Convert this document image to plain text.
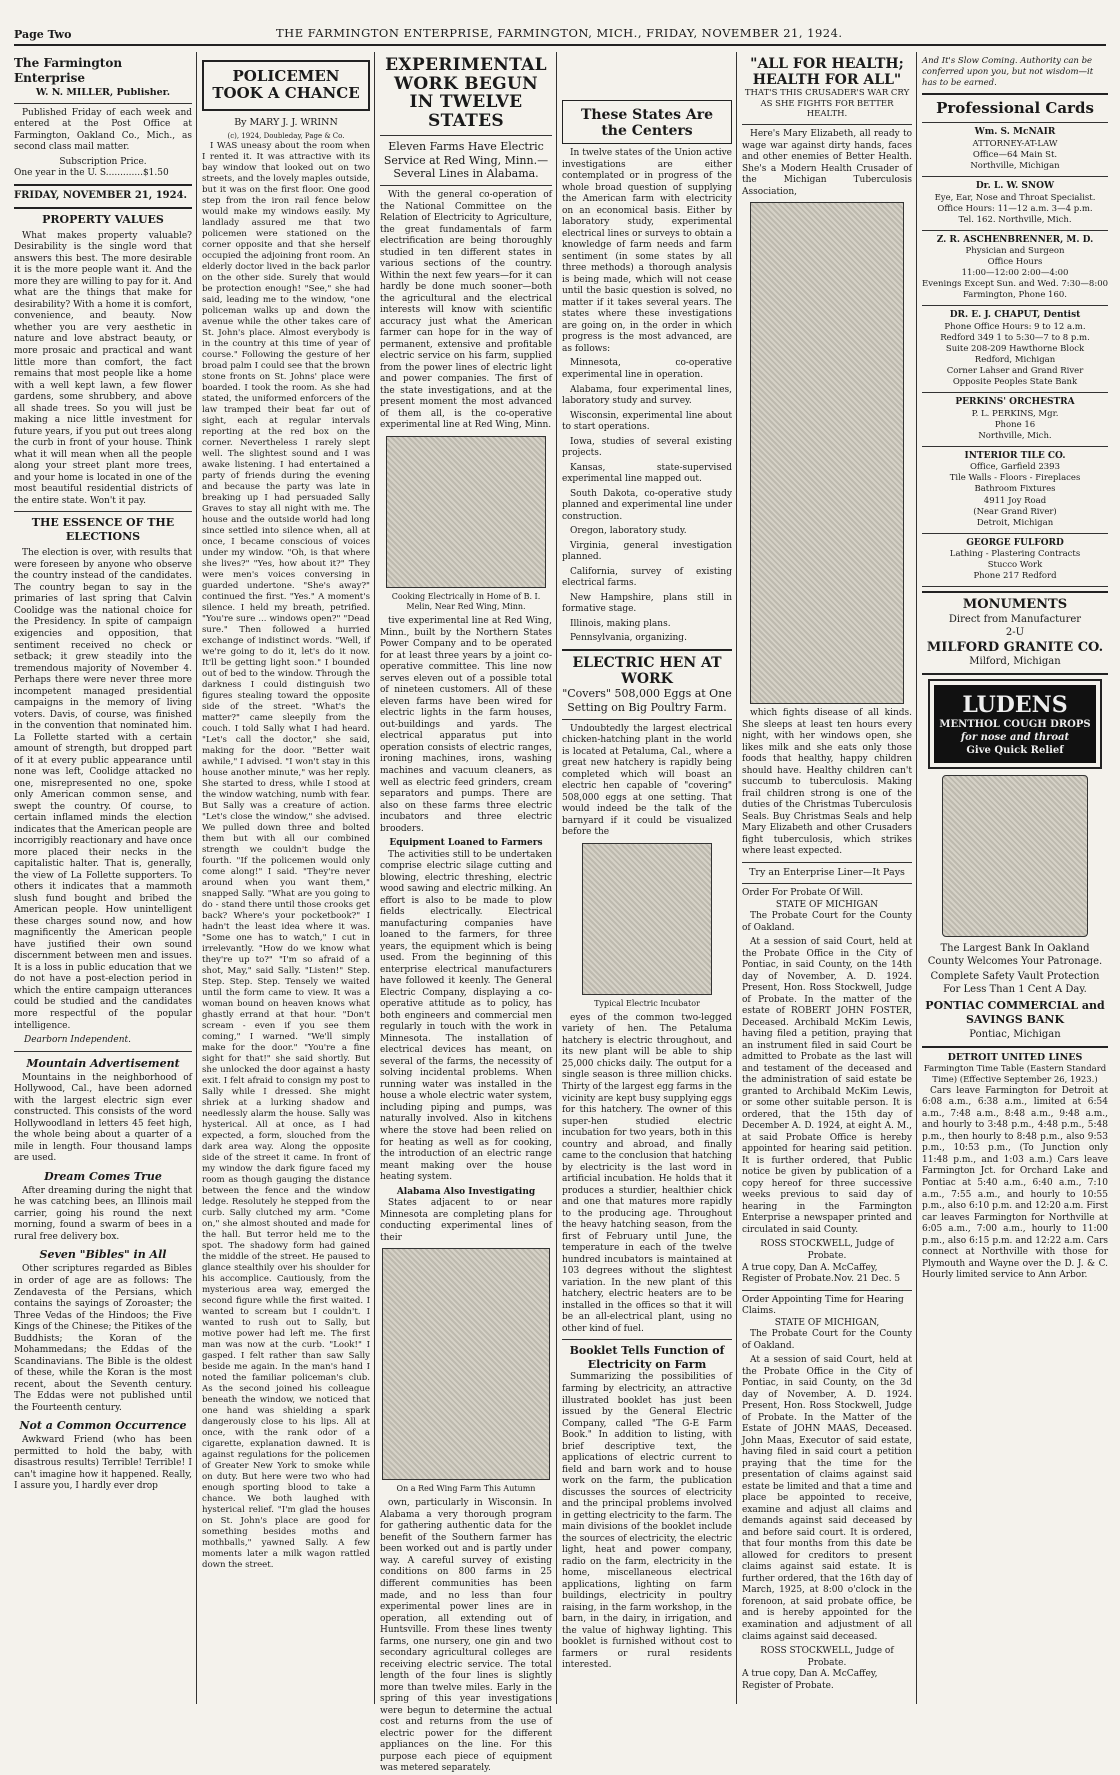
Page Two	THE FARMINGTON ENTERPRISE, FARMINGTON, MICH., FRIDAY, NOVEMBER 21, 1924.
The Farmington Enterprise
W. N. MILLER, Publisher.

Published Friday of each week and entered at the Post Office at Farmington, Oakland Co., Mich., as second class mail matter.

Subscription Price.
One year in the U. S.............$1.50
FRIDAY, NOVEMBER 21, 1924.
PROPERTY VALUES

What makes property valuable? Desirability is the single word that answers this best. The more desirable it is the more people want it. And the more they are willing to pay for it. And what are the things that make for desirability? With a home it is comfort, convenience, and beauty. Now whether you are very aesthetic in nature and love abstract beauty, or more prosaic and practical and want little more than comfort, the fact remains that most people like a home with a well kept lawn, a few flower gardens, some shrubbery, and above all shade trees. So you will just be making a nice little investment for future years, if you put out trees along the curb in front of your house. Think what it will mean when all the people along your street plant more trees, and your home is located in one of the most beautiful residential districts of the entire state. Won't it pay.

THE ESSENCE OF THE ELECTIONS

The election is over, with results that were foreseen by anyone who observe the country instead of the candidates. The country began to say in the primaries of last spring that Calvin Coolidge was the national choice for the Presidency. In spite of campaign exigencies and opposition, that sentiment received no check or setback; it grew steadily into the tremendous majority of November 4. Perhaps there were never three more incompetent managed presidential campaigns in the memory of living voters. Davis, of course, was finished in the convention that nominated him. La Follette started with a certain amount of strength, but dropped part of it at every public appearance until none was left, Coolidge attacked no one, misrepresented no one, spoke only American common sense, and swept the country. Of course, to certain inflamed minds the election indicates that the American people are incorrigibly reactionary and have once more placed their necks in the capitalistic halter. That is, generally, the view of La Follette supporters. To others it indicates that a mammoth slush fund bought and bribed the American people. How unintelligent these charges sound now, and how magnificently the American people have justified their own sound discernment between men and issues. It is a loss in public education that we do not have a post-election period in which the entire campaign utterances could be studied and the candidates more respectful of the popular intelligence.

Dearborn Independent.
Mountain Advertisement

Mountains in the neighborhood of Hollywood, Cal., have been adorned with the largest electric sign ever constructed. This consists of the word Hollywoodland in letters 45 feet high, the whole being about a quarter of a mile in length. Four thousand lamps are used.

Dream Comes True

After dreaming during the night that he was catching bees, an Illinois mail carrier, going his round the next morning, found a swarm of bees in a rural free delivery box.

Seven "Bibles" in All

Other scriptures regarded as Bibles in order of age are as follows: The Zendavesta of the Persians, which contains the sayings of Zoroaster; the Three Vedas of the Hindoos; the Five Kings of the Chinese; the Pitikes of the Buddhists; the Koran of the Mohammedans; the Eddas of the Scandinavians. The Bible is the oldest of these, while the Koran is the most recent, about the Seventh century. The Eddas were not published until the Fourteenth century.

Not a Common Occurrence

Awkward Friend (who has been permitted to hold the baby, with disastrous results) Terrible! Terrible! I can't imagine how it happened. Really, I assure you, I hardly ever drop

POLICEMEN
TOOK A CHANCE
By MARY J. J. WRINN
(c), 1924, Doubleday, Page & Co.

I WAS uneasy about the room when I rented it. It was attractive with its bay window that looked out on two streets, and the lovely maples outside, but it was on the first floor. One good step from the iron rail fence below would make my windows easily. My landlady assured me that two policemen were stationed on the corner opposite and that she herself occupied the adjoining front room. An elderly doctor lived in the back parlor on the other side. Surely that would be protection enough! "See," she had said, leading me to the window, "one policeman walks up and down the avenue while the other takes care of St. John's place. Almost everybody is in the country at this time of year of course." Following the gesture of her broad palm I could see that the brown stone fronts on St. Johns' place were boarded. I took the room. As she had stated, the uniformed enforcers of the law tramped their beat far out of sight, each at regular intervals reporting at the red box on the corner. Nevertheless I rarely slept well. The slightest sound and I was awake listening. I had entertained a party of friends during the evening and because the party was late in breaking up I had persuaded Sally Graves to stay all night with me. The house and the outside world had long since settled into silence when, all at once, I became conscious of voices under my window. "Oh, is that where she lives?" "Yes, how about it?" They were men's voices conversing in guarded undertone. "She's away?" continued the first. "Yes." A moment's silence. I held my breath, petrified. "You're sure ... windows open?" "Dead sure." Then followed a hurried exchange of indistinct words. "Well, if we're going to do it, let's do it now. It'll be getting light soon." I bounded out of bed to the window. Through the darkness I could distinguish two figures stealing toward the opposite side of the street. "What's the matter?" came sleepily from the couch. I told Sally what I had heard. "Let's call the doctor," she said, making for the door. "Better wait awhile," I advised. "I won't stay in this house another minute," was her reply. She started to dress, while I stood at the window watching, numb with fear. But Sally was a creature of action. "Let's close the window," she advised. We pulled down three and bolted them but with all our combined strength we couldn't budge the fourth. "If the policemen would only come along!" I said. "They're never around when you want them," snapped Sally. "What are you going to do - stand there until those crooks get back? Where's your pocketbook?" I hadn't the least idea where it was. "Some one has to watch," I cut in irrelevantly. "How do we know what they're up to?" "I'm so afraid of a shot, May," said Sally. "Listen!" Step. Step. Step. Step. Tensely we waited until the form came to view. It was a woman bound on heaven knows what ghastly errand at that hour. "Don't scream - even if you see them coming," I warned. "We'll simply make for the door." "You're a fine sight for that!" she said shortly. But she unlocked the door against a hasty exit. I felt afraid to consign my post to Sally while I dressed. She might shriek at a lurking shadow and needlessly alarm the house. Sally was hysterical. All at once, as I had expected, a form, slouched from the dark area way. Along the opposite side of the street it came. In front of my window the dark figure faced my room as though gauging the distance between the fence and the window ledge. Resolutely he stepped from the curb. Sally clutched my arm. "Come on," she almost shouted and made for the hall. But terror held me to the spot. The shadowy form had gained the middle of the street. He paused to glance stealthily over his shoulder for his accomplice. Cautiously, from the mysterious area way, emerged the second figure while the first waited. I wanted to scream but I couldn't. I wanted to rush out to Sally, but motive power had left me. The first man was now at the curb. "Look!" I gasped. I felt rather than saw Sally beside me again. In the man's hand I noted the familiar policeman's club. As the second joined his colleague beneath the window, we noticed that one hand was shielding a spark dangerously close to his lips. All at once, with the rank odor of a cigarette, explanation dawned. It is against regulations for the policemen of Greater New York to smoke while on duty. But here were two who had enough sporting blood to take a chance. We both laughed with hysterical relief. "I'm glad the houses on St. John's place are good for something besides moths and mothballs," yawned Sally. A few moments later a milk wagon rattled down the street.

EXPERIMENTAL WORK BEGUN IN TWELVE STATES
Eleven Farms Have Electric Service at Red Wing, Minn.—Several Lines in Alabama.

With the general co-operation of the National Committee on the Relation of Electricity to Agriculture, the great fundamentals of farm electrification are being thoroughly studied in ten different states in various sections of the country. Within the next few years—for it can hardly be done much sooner—both the agricultural and the electrical interests will know with scientific accuracy just what the American farmer can hope for in the way of permanent, extensive and profitable electric service on his farm, supplied from the power lines of electric light and power companies. The first of the state investigations, and at the present moment the most advanced of them all, is the co-operative experimental line at Red Wing, Minn.

Cooking Electrically in Home of B. I. Melin, Near Red Wing, Minn.

tive experimental line at Red Wing, Minn., built by the Northern States Power Company and to be operated for at least three years by a joint co-operative committee. This line now serves eleven out of a possible total of nineteen customers. All of these eleven farms have been wired for electric lights in the farm houses, out-buildings and yards. The electrical apparatus put into operation consists of electric ranges, ironing machines, irons, washing machines and vacuum cleaners, as well as electric feed grinders, cream separators and pumps. There are also on these farms three electric incubators and three electric brooders.

Equipment Loaned to Farmers

The activities still to be undertaken comprise electric silage cutting and blowing, electric threshing, electric wood sawing and electric milking. An effort is also to be made to plow fields electrically. Electrical manufacturing companies have loaned to the farmers, for three years, the equipment which is being used. From the beginning of this enterprise electrical manufacturers have followed it keenly. The General Electric Company, displaying a co-operative attitude as to policy, has both engineers and commercial men regularly in touch with the work in Minnesota. The installation of electrical devices has meant, on several of the farms, the necessity of solving incidental problems. When running water was installed in the house a whole electric water system, including piping and pumps, was naturally involved. Also in kitchens where the stove had been relied on for heating as well as for cooking, the introduction of an electric range meant making over the house heating system.

Alabama Also Investigating

States adjacent to or near Minnesota are completing plans for conducting experimental lines of their

On a Red Wing Farm This Autumn

own, particularly in Wisconsin. In Alabama a very thorough program for gathering authentic data for the benefit of the Southern farmer has been worked out and is partly under way. A careful survey of existing conditions on 800 farms in 25 different communities has been made, and no less than four experimental power lines are in operation, all extending out of Huntsville. From these lines twenty farms, one nursery, one gin and two secondary agricultural colleges are receiving electric service. The total length of the four lines is slightly more than twelve miles. Early in the spring of this year investigations were begun to determine the actual cost and returns from the use of electric power for the different appliances on the line. For this purpose each piece of equipment was metered separately.

These States Are the Centers

In twelve states of the Union active investigations are either contemplated or in progress of the whole broad question of supplying the American farm with electricity on an economical basis. Either by laboratory study, experimental electrical lines or surveys to obtain a knowledge of farm needs and farm sentiment (in some states by all three methods) a thorough analysis is being made, which will not cease until the basic question is solved, no matter if it takes several years. The states where these investigations are going on, in the order in which progress is the most advanced, are as follows:

Minnesota, co-operative experimental line in operation.

Alabama, four experimental lines, laboratory study and survey.

Wisconsin, experimental line about to start operations.

Iowa, studies of several existing projects.

Kansas, state-supervised experimental line mapped out.

South Dakota, co-operative study planned and experimental line under construction.

Oregon, laboratory study.

Virginia, general investigation planned.

California, survey of existing electrical farms.

New Hampshire, plans still in formative stage.

Illinois, making plans.

Pennsylvania, organizing.

ELECTRIC HEN AT WORK
"Covers" 508,000 Eggs at One Setting on Big Poultry Farm.

Undoubtedly the largest electrical chicken-hatching plant in the world is located at Petaluma, Cal., where a great new hatchery is rapidly being completed which will boast an electric hen capable of "covering" 508,000 eggs at one setting. That would indeed be the talk of the barnyard if it could be visualized before the

Typical Electric Incubator

eyes of the common two-legged variety of hen. The Petaluma hatchery is electric throughout, and its new plant will be able to ship 25,000 chicks daily. The output for a single season is three million chicks. Thirty of the largest egg farms in the vicinity are kept busy supplying eggs for this hatchery. The owner of this super-hen studied electric incubation for two years, both in this country and abroad, and finally came to the conclusion that hatching by electricity is the last word in artificial incubation. He holds that it produces a sturdier, healthier chick and one that matures more rapidly to the producing age. Throughout the heavy hatching season, from the first of February until June, the temperature in each of the twelve hundred incubators is maintained at 103 degrees without the slightest variation. In the new plant of this hatchery, electric heaters are to be installed in the offices so that it will be an all-electrical plant, using no other kind of fuel.

Booklet Tells Function of Electricity on Farm

Summarizing the possibilities of farming by electricity, an attractive illustrated booklet has just been issued by the General Electric Company, called "The G-E Farm Book." In addition to listing, with brief descriptive text, the applications of electric current to field and barn work and to house work on the farm, the publication discusses the sources of electricity and the principal problems involved in getting electricity to the farm. The main divisions of the booklet include the sources of electricity, the electric light, heat and power company, radio on the farm, electricity in the home, miscellaneous electrical applications, lighting on farm buildings, electricity in poultry raising, in the farm workshop, in the barn, in the dairy, in irrigation, and the value of highway lighting. This booklet is furnished without cost to farmers or rural residents interested.

"ALL FOR HEALTH; HEALTH FOR ALL"
THAT'S THIS CRUSADER'S WAR CRY AS SHE FIGHTS FOR BETTER HEALTH.

Here's Mary Elizabeth, all ready to wage war against dirty hands, faces and other enemies of Better Health. She's a Modern Health Crusader of the Michigan Tuberculosis Association,

which fights disease of all kinds. She sleeps at least ten hours every night, with her windows open, she likes milk and she eats only those foods that healthy, happy children should have. Healthy children can't succumb to tuberculosis. Making frail children strong is one of the duties of the Christmas Tuberculosis Seals. Buy Christmas Seals and help Mary Elizabeth and other Crusaders fight tuberculosis, which strikes where least expected.

Try an Enterprise Liner—It Pays
Order For Probate Of Will.
STATE OF MICHIGAN

The Probate Court for the County of Oakland.

At a session of said Court, held at the Probate Office in the City of Pontiac, in said County, on the 14th day of November, A. D. 1924. Present, Hon. Ross Stockwell, Judge of Probate. In the matter of the estate of ROBERT JOHN FOSTER, Deceased. Archibald McKim Lewis, having filed a petition, praying that an instrument filed in said Court be admitted to Probate as the last will and testament of the deceased and the administration of said estate be granted to Archibald McKim Lewis, or some other suitable person. It is ordered, that the 15th day of December A. D. 1924, at eight A. M., at said Probate Office is hereby appointed for hearing said petition. It is further ordered, that Public notice be given by publication of a copy hereof for three successive weeks previous to said day of hearing in the Farmington Enterprise a newspaper printed and circulated in said County.

ROSS STOCKWELL, Judge of Probate.
A true copy, Dan A. McCaffey, Register of Probate.Nov. 21 Dec. 5
Order Appointing Time for Hearing Claims.
STATE OF MICHIGAN,

The Probate Court for the County of Oakland.

At a session of said Court, held at the Probate Office in the City of Pontiac, in said County, on the 3d day of November, A. D. 1924. Present, Hon. Ross Stockwell, Judge of Probate. In the Matter of the Estate of JOHN MAAS, Deceased. John Maas, Executor of said estate, having filed in said court a petition praying that the time for the presentation of claims against said estate be limited and that a time and place be appointed to receive, examine and adjust all claims and demands against said deceased by and before said court. It is ordered, that four months from this date be allowed for creditors to present claims against said estate. It is further ordered, that the 16th day of March, 1925, at 8:00 o'clock in the forenoon, at said probate office, be and is hereby appointed for the examination and adjustment of all claims against said deceased.

ROSS STOCKWELL, Judge of Probate.
A true copy, Dan A. McCaffey, Register of Probate.
And It's Slow Coming. Authority can be conferred upon you, but not wisdom—it has to be earned.
Professional Cards
Wm. S. McNAIR
ATTORNEY-AT-LAW
Office—64 Main St.
Northville, Michigan
Dr. L. W. SNOW
Eye, Ear, Nose and Throat Specialist.
Office Hours: 11—12 a.m. 3—4 p.m.
Tel. 162. Northville, Mich.
Z. R. ASCHENBRENNER, M. D.
Physician and Surgeon
Office Hours
11:00—12:00 2:00—4:00
Evenings Except Sun. and Wed. 7:30—8:00
Farmington, Phone 160.
DR. E. J. CHAPUT, Dentist
Phone Office Hours: 9 to 12 a.m.
Redford 349 1 to 5:30—7 to 8 p.m.
Suite 208-209 Hawthorne Block
Redford, Michigan
Corner Lahser and Grand River
Opposite Peoples State Bank
PERKINS' ORCHESTRA
P. L. PERKINS, Mgr.
Phone 16
Northville, Mich.
INTERIOR TILE CO.
Office, Garfield 2393
Tile Walls - Floors - Fireplaces
Bathroom Fixtures
4911 Joy Road
(Near Grand River)
Detroit, Michigan
GEORGE FULFORD
Lathing - Plastering Contracts
Stucco Work
Phone 217 Redford
MONUMENTS
Direct from Manufacturer
2-U
MILFORD GRANITE CO.
Milford, Michigan
LUDENS
MENTHOL COUGH DROPS
for nose and throat
Give Quick Relief
The Largest Bank In Oakland County Welcomes Your Patronage.
Complete Safety Vault Protection For Less Than 1 Cent A Day.
PONTIAC COMMERCIAL and SAVINGS BANK
Pontiac, Michigan
DETROIT UNITED LINES
Farmington Time Table (Eastern Standard Time) (Effective September 26, 1923.)

Cars leave Farmington for Detroit at 6:08 a.m., 6:38 a.m., limited at 6:54 a.m., 7:48 a.m., 8:48 a.m., 9:48 a.m., and hourly to 3:48 p.m., 4:48 p.m., 5:48 p.m., then hourly to 8:48 p.m., also 9:53 p.m., 10:53 p.m., (To Junction only 11:48 p.m., and 1:03 a.m.) Cars leave Farmington Jct. for Orchard Lake and Pontiac at 5:40 a.m., 6:40 a.m., 7:10 a.m., 7:55 a.m., and hourly to 10:55 p.m., also 6:10 p.m. and 12:20 a.m. First car leaves Farmington for Northville at 6:05 a.m., 7:00 a.m., hourly to 11:00 p.m., also 6:15 p.m. and 12:22 a.m. Cars connect at Northville with those for Plymouth and Wayne over the D. J. & C. Hourly limited service to Ann Arbor.
